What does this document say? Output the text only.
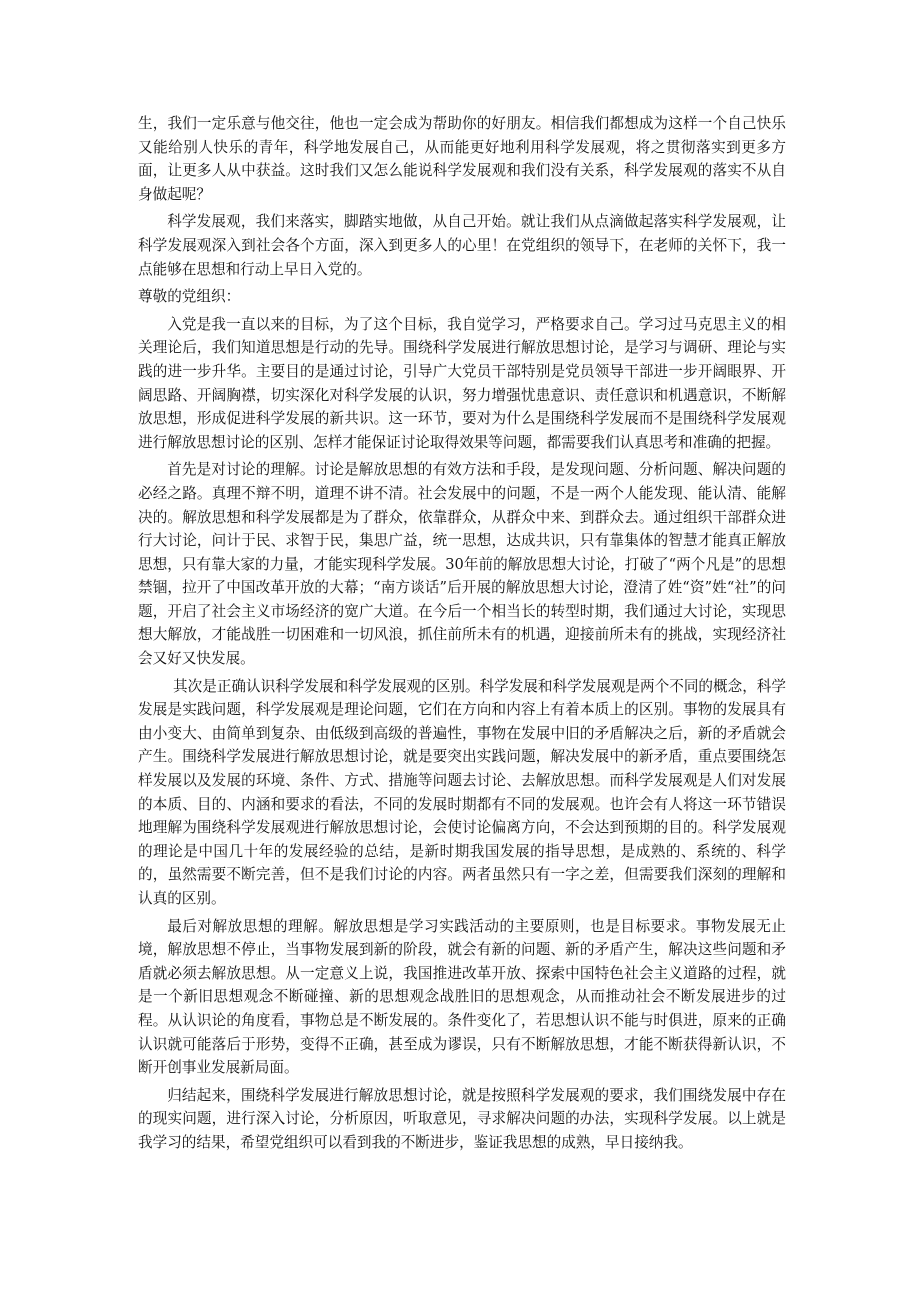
生，我们一定乐意与他交往，他也一定会成为帮助你的好朋友。相信我们都想成为这样一个自己快乐又能给别人快乐的青年，科学地发展自己，从而能更好地利用科学发展观，将之贯彻落实到更多方面，让更多人从中获益。这时我们又怎么能说科学发展观和我们没有关系，科学发展观的落实不从自身做起呢？

科学发展观，我们来落实，脚踏实地做，从自己开始。就让我们从点滴做起落实科学发展观，让科学发展观深入到社会各个方面，深入到更多人的心里！在党组织的领导下，在老师的关怀下，我一点能够在思想和行动上早日入党的。

尊敬的党组织：

入党是我一直以来的目标，为了这个目标，我自觉学习，严格要求自己。学习过马克思主义的相关理论后，我们知道思想是行动的先导。围绕科学发展进行解放思想讨论，是学习与调研、理论与实践的进一步升华。主要目的是通过讨论，引导广大党员干部特别是党员领导干部进一步开阔眼界、开阔思路、开阔胸襟，切实深化对科学发展的认识，努力增强忧患意识、责任意识和机遇意识，不断解放思想，形成促进科学发展的新共识。这一环节，要对为什么是围绕科学发展而不是围绕科学发展观进行解放思想讨论的区别、怎样才能保证讨论取得效果等问题，都需要我们认真思考和准确的把握。

首先是对讨论的理解。讨论是解放思想的有效方法和手段，是发现问题、分析问题、解决问题的必经之路。真理不辩不明，道理不讲不清。社会发展中的问题，不是一两个人能发现、能认清、能解决的。解放思想和科学发展都是为了群众，依靠群众，从群众中来、到群众去。通过组织干部群众进行大讨论，问计于民、求智于民，集思广益，统一思想，达成共识，只有靠集体的智慧才能真正解放思想，只有靠大家的力量，才能实现科学发展。30年前的解放思想大讨论，打破了“两个凡是”的思想禁锢，拉开了中国改革开放的大幕；“南方谈话”后开展的解放思想大讨论，澄清了姓“资”姓“社”的问题，开启了社会主义市场经济的宽广大道。在今后一个相当长的转型时期，我们通过大讨论，实现思想大解放，才能战胜一切困难和一切风浪，抓住前所未有的机遇，迎接前所未有的挑战，实现经济社会又好又快发展。

其次是正确认识科学发展和科学发展观的区别。科学发展和科学发展观是两个不同的概念，科学发展是实践问题，科学发展观是理论问题，它们在方向和内容上有着本质上的区别。事物的发展具有由小变大、由简单到复杂、由低级到高级的普遍性，事物在发展中旧的矛盾解决之后，新的矛盾就会产生。围绕科学发展进行解放思想讨论，就是要突出实践问题，解决发展中的新矛盾，重点要围绕怎样发展以及发展的环境、条件、方式、措施等问题去讨论、去解放思想。而科学发展观是人们对发展的本质、目的、内涵和要求的看法，不同的发展时期都有不同的发展观。也许会有人将这一环节错误地理解为围绕科学发展观进行解放思想讨论，会使讨论偏离方向，不会达到预期的目的。科学发展观的理论是中国几十年的发展经验的总结，是新时期我国发展的指导思想，是成熟的、系统的、科学的，虽然需要不断完善，但不是我们讨论的内容。两者虽然只有一字之差，但需要我们深刻的理解和认真的区别。

最后对解放思想的理解。解放思想是学习实践活动的主要原则，也是目标要求。事物发展无止境，解放思想不停止，当事物发展到新的阶段，就会有新的问题、新的矛盾产生，解决这些问题和矛盾就必须去解放思想。从一定意义上说，我国推进改革开放、探索中国特色社会主义道路的过程，就是一个新旧思想观念不断碰撞、新的思想观念战胜旧的思想观念，从而推动社会不断发展进步的过程。从认识论的角度看，事物总是不断发展的。条件变化了，若思想认识不能与时俱进，原来的正确认识就可能落后于形势，变得不正确，甚至成为谬误，只有不断解放思想，才能不断获得新认识，不断开创事业发展新局面。

归结起来，围绕科学发展进行解放思想讨论，就是按照科学发展观的要求，我们围绕发展中存在的现实问题，进行深入讨论，分析原因，听取意见，寻求解决问题的办法，实现科学发展。以上就是我学习的结果，希望党组织可以看到我的不断进步，鉴证我思想的成熟，早日接纳我。
